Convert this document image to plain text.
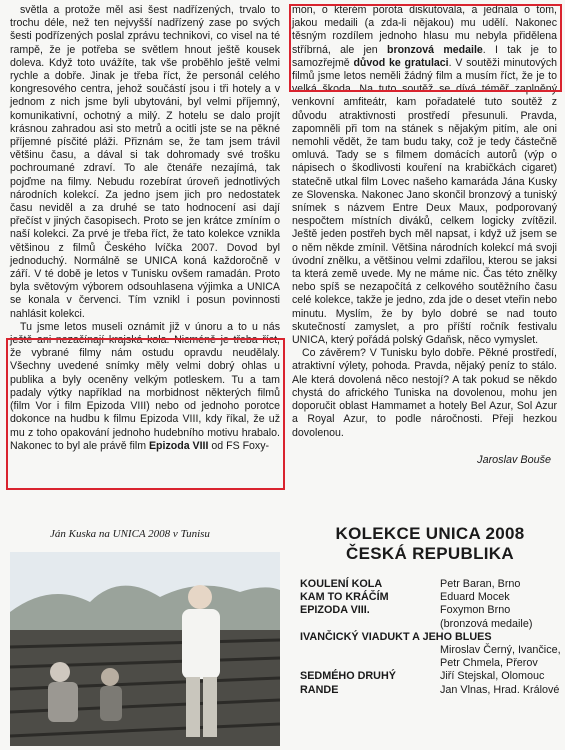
světla a protože měl asi šest nadřízených, trvalo to trochu déle, než ten nejvyšší nadřízený zase po svých šesti podřízených poslal zprávu technikovi, co visel na té rampě, že je potřeba se světlem hnout ještě kousek doleva. Když toto uvážíte, tak vše proběhlo ještě velmi rychle a dobře. Jinak je třeba říct, že personál celého kongresového centra, jehož součástí jsou i tři hotely a v jednom z nich jsme byli ubytováni, byl velmi příjemný, komunikativní, ochotný a milý. Z hotelu se dalo projít krásnou zahradou asi sto metrů a ocitli jste se na pěkné příjemné písčité pláži. Přiznám se, že tam jsem trávil většinu času, a dával si tak dohromady své trošku pochroumané zdraví. To ale čtenáře nezajímá, tak pojďme na filmy. Nebudu rozebírat úroveň jednotlivých národních kolekcí. Za jedno jsem jich pro nedostatek času neviděl a za druhé se tato hodnocení asi dají přečíst v jiných časopisech. Proto se jen krátce zmíním o naší kolekci. Za prvé je třeba říct, že tato kolekce vznikla většinou z filmů Českého lvíčka 2007. Dovod byl jednoduchý. Normálně se UNICA koná každoročně v září. V té době je letos v Tunisku ovšem ramadán. Proto byla světovým výborem odsouhlasena výjimka a UNICA se konala v červenci. Tím vznikl i posun povinnosti nahlásit kolekci.

Tu jsme letos museli oznámit již v únoru a to u nás ještě ani nezačínají krajská kola. Nicméně je třeba říct, že vybrané filmy nám ostudu opravdu neudělaly. Všechny uvedené snímky měly velmi dobrý ohlas u publika a byly oceněny velkým potleskem. Tu a tam padaly výtky například na morbidnost některých filmů (film Vor i film Epizoda VIII) nebo od jednoho porotce dokonce na hudbu k filmu Epizoda VIII, kdy říkal, že už mu z toho opakování jednoho hudebního motivu hrabalo. Nakonec to byl ale právě film Epizoda VIII od FS Foxy-

mon, o kterém porota diskutovala, a jednala o tom, jakou medaili (a zda-li nějakou) mu udělí. Nakonec těsným rozdílem jednoho hlasu mu nebyla přidělena stříbrná, ale jen bronzová medaile. I tak je to samozřejmě důvod ke gratulaci. V soutěži minutových filmů jsme letos neměli žádný film a musím říct, že je to velká škoda. Na tuto soutěž se dívá téměř zaplněný venkovní amfiteátr, kam pořadatelé tuto soutěž z důvodu atraktivnosti prostředí přesunuli. Pravda, zapomněli při tom na stánek s nějakým pitím, ale oni nemohli vědět, že tam budu taky, což je tedy částečně omluvá. Tady se s filmem domácích autorů (výp o nápisech o škodlivosti kouření na krabičkách cigaret) statečně utkal film Lovec našeho kamaráda Jána Kusky ze Slovenska. Nakonec Jano skončil bronzový a tuniský snímek s názvem Entre Deux Maux, podporovaný nespočtem místních diváků, celkem logicky zvítězil. Ještě jeden postřeh bych měl napsat, i když už jsem se o něm někde zmínil. Většina národních kolekcí má svoji úvodní znělku, a většinou velmi zdařilou, kterou se jaksi ta která země uvede. My ne máme nic. Čas této znělky nebo spíš se nezapočítá z celkového soutěžního času celé kolekce, takže je jedno, zda jde o deset vteřin nebo minutu. Myslím, že by bylo dobré se nad touto skutečností zamyslet, a pro příští ročník festivalu UNICA, který pořádá polský Gdaňsk, něco vymyslet.

Co závěrem? V Tunisku bylo dobře. Pěkné prostředí, atraktivní výlety, pohoda. Pravda, nějaký peníz to stálo. Ale která dovolená něco nestojí? A tak pokud se někdo chystá do afrického Tuniska na dovolenou, mohu jen doporučit oblast Hammamet a hotely Bel Azur, Sol Azur a Royal Azur, to podle náročnosti. Přeji hezkou dovolenou.

Jaroslav Bouše
Ján Kuska na UNICA 2008 v Tunisu	KOLEKCE UNICA 2008
ČESKÁ REPUBLIKA
KOULENÍ KOLA	Petr Baran, Brno
KAM TO KRÁČÍM	Eduard Mocek
EPIZODA VIII.	Foxymon Brno
(bronzová medaile)
IVANČICKÝ VIADUKT A JEHO BLUES
Miroslav Černý, Ivančice,
Petr Chmela, Přerov
SEDMÉHO DRUHÝ	Jiří Stejskal, Olomouc
RANDE	Jan Vlnas, Hrad. Králové
